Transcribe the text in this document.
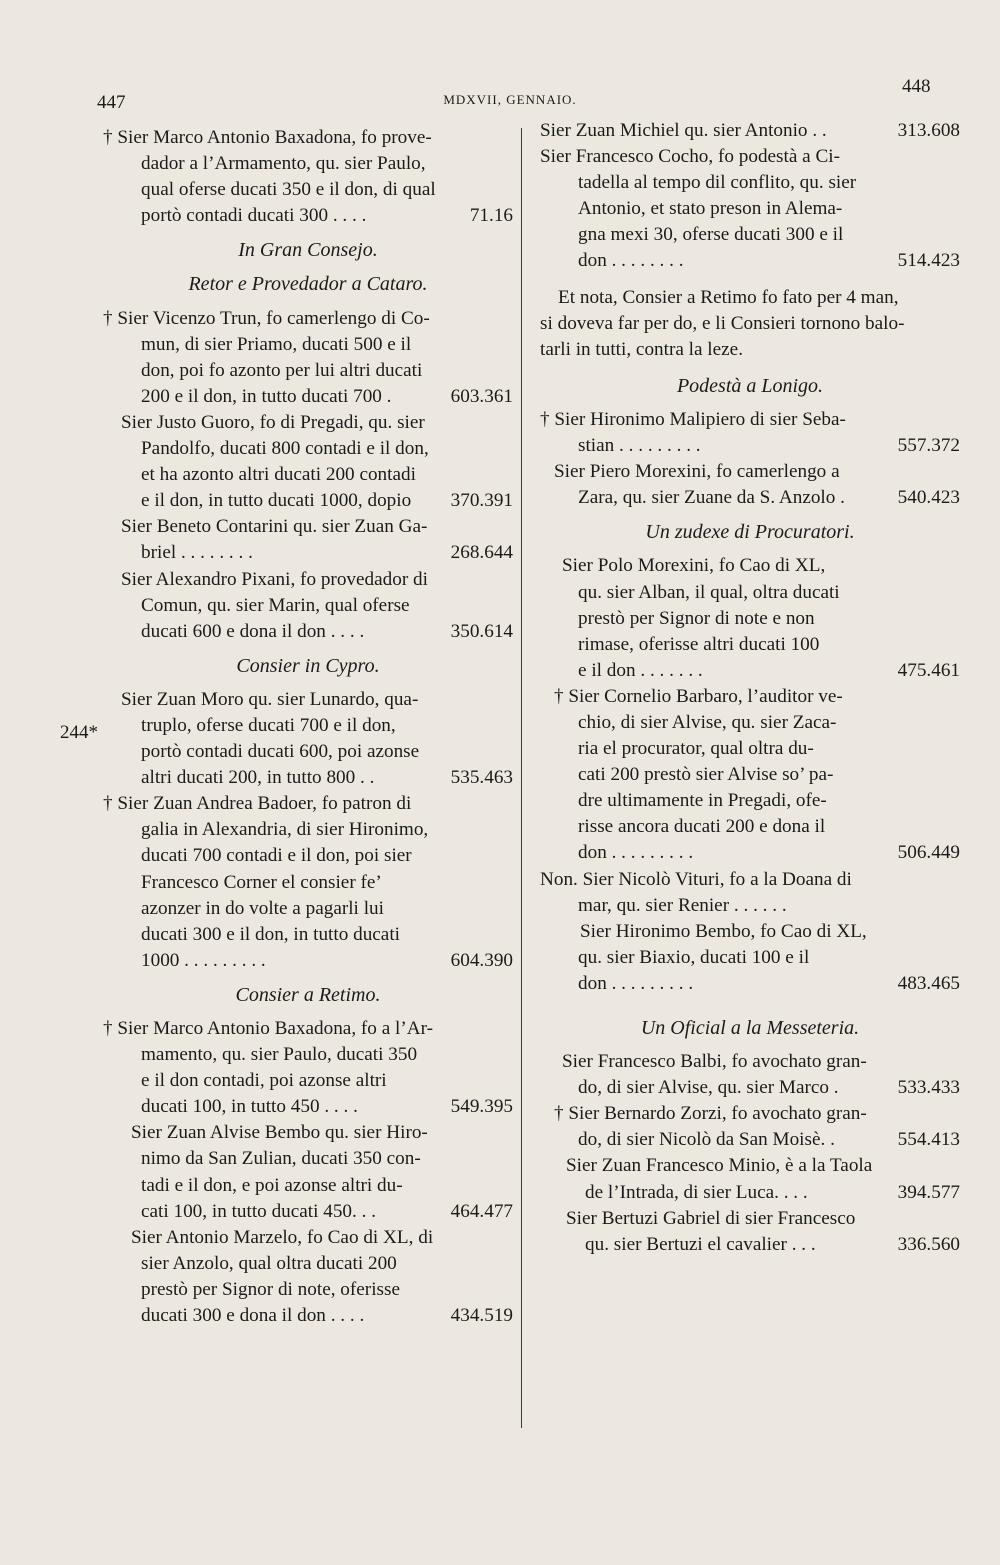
447	MDXVII, GENNAIO.
448
244*
† Sier Marco Antonio Baxadona, fo prove-
dador a l’Armamento, qu. sier Paulo,
qual oferse ducati 350 e il don, di qual
portò contadi ducati 300 . . . .	71.16
In Gran Consejo.
Retor e Provedador a Cataro.
† Sier Vicenzo Trun, fo camerlengo di Co-
mun, di sier Priamo, ducati 500 e il
don, poi fo azonto per lui altri ducati
200 e il don, in tutto ducati 700 .	603.361
Sier Justo Guoro, fo di Pregadi, qu. sier
Pandolfo, ducati 800 contadi e il don,
et ha azonto altri ducati 200 contadi
e il don, in tutto ducati 1000, dopio	370.391
Sier Beneto Contarini qu. sier Zuan Ga-
briel . . . . . . . .	268.644
Sier Alexandro Pixani, fo provedador di
Comun, qu. sier Marin, qual oferse
ducati 600 e dona il don . . . .	350.614
Consier in Cypro.
Sier Zuan Moro qu. sier Lunardo, qua-
truplo, oferse ducati 700 e il don,
portò contadi ducati 600, poi azonse
altri ducati 200, in tutto 800 . .	535.463
† Sier Zuan Andrea Badoer, fo patron di
galia in Alexandria, di sier Hironimo,
ducati 700 contadi e il don, poi sier
Francesco Corner el consier fe’
azonzer in do volte a pagarli lui
ducati 300 e il don, in tutto ducati
1000 . . . . . . . . .	604.390
Consier a Retimo.
† Sier Marco Antonio Baxadona, fo a l’Ar-
mamento, qu. sier Paulo, ducati 350
e il don contadi, poi azonse altri
ducati 100, in tutto 450 . . . .	549.395
Sier Zuan Alvise Bembo qu. sier Hiro-
nimo da San Zulian, ducati 350 con-
tadi e il don, e poi azonse altri du-
cati 100, in tutto ducati 450. . .	464.477
Sier Antonio Marzelo, fo Cao di XL, di
sier Anzolo, qual oltra ducati 200
prestò per Signor di note, oferisse
ducati 300 e dona il don . . . .	434.519
Sier Zuan Michiel qu. sier Antonio . .	313.608
Sier Francesco Cocho, fo podestà a Ci-
tadella al tempo dil conflito, qu. sier
Antonio, et stato preson in Alema-
gna mexi 30, oferse ducati 300 e il
don . . . . . . . .	514.423
Et nota, Consier a Retimo fo fato per 4 man,
si doveva far per do, e li Consieri tornono balo-
tarli in tutti, contra la leze.
Podestà a Lonigo.
† Sier Hironimo Malipiero di sier Seba-
stian . . . . . . . . .	557.372
Sier Piero Morexini, fo camerlengo a
Zara, qu. sier Zuane da S. Anzolo .	540.423
Un zudexe di Procuratori.
Sier Polo Morexini, fo Cao di XL,
qu. sier Alban, il qual, oltra ducati
prestò per Signor di note e non
rimase, oferisse altri ducati 100
e il don . . . . . . .	475.461
† Sier Cornelio Barbaro, l’auditor ve-
chio, di sier Alvise, qu. sier Zaca-
ria el procurator, qual oltra du-
cati 200 prestò sier Alvise so’ pa-
dre ultimamente in Pregadi, ofe-
risse ancora ducati 200 e dona il
don . . . . . . . . .	506.449
Non. Sier Nicolò Vituri, fo a la Doana di
mar, qu. sier Renier . . . . . .
Sier Hironimo Bembo, fo Cao di XL,
qu. sier Biaxio, ducati 100 e il
don . . . . . . . . .	483.465
Un Oficial a la Messeteria.
Sier Francesco Balbi, fo avochato gran-
do, di sier Alvise, qu. sier Marco .	533.433
† Sier Bernardo Zorzi, fo avochato gran-
do, di sier Nicolò da San Moisè. .	554.413
Sier Zuan Francesco Minio, è a la Taola
de l’Intrada, di sier Luca. . . .	394.577
Sier Bertuzi Gabriel di sier Francesco
qu. sier Bertuzi el cavalier . . .	336.560
